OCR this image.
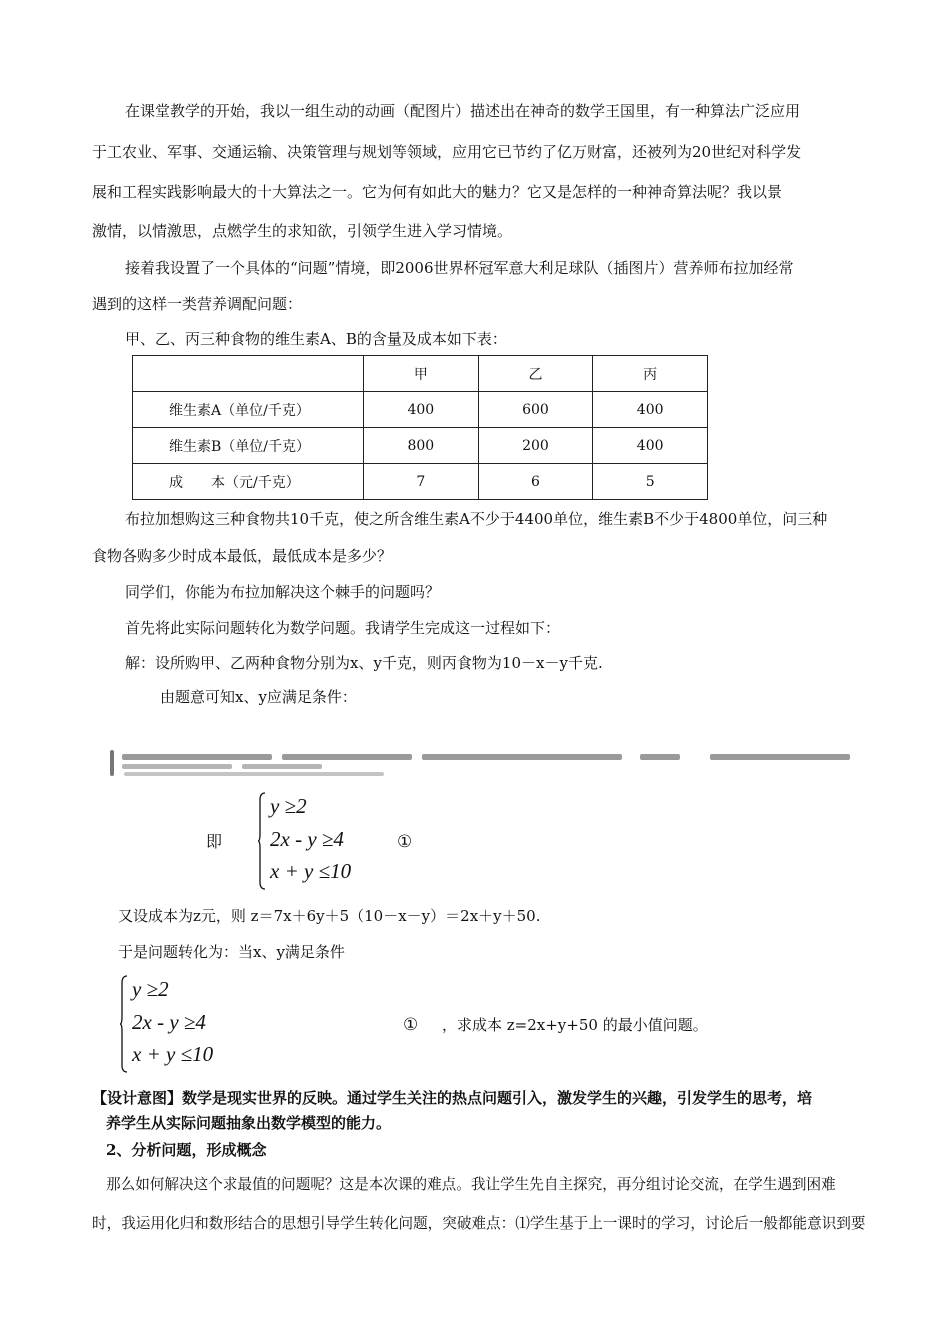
在课堂教学的开始，我以一组生动的动画（配图片）描述出在神奇的数学王国里，有一种算法广泛应用
于工农业、军事、交通运输、决策管理与规划等领域，应用它已节约了亿万财富，还被列为20世纪对科学发
展和工程实践影响最大的十大算法之一。它为何有如此大的魅力？它又是怎样的一种神奇算法呢？我以景
激情，以情激思，点燃学生的求知欲，引领学生进入学习情境。
接着我设置了一个具体的“问题”情境，即2006世界杯冠军意大利足球队（插图片）营养师布拉加经常
遇到的这样一类营养调配问题：
甲、乙、丙三种食物的维生素A、B的含量及成本如下表：
	甲	乙	丙
维生素A（单位/千克）	400	600	400
维生素B（单位/千克）	800	200	400
成　　本（元/千克）	7	6	5
布拉加想购这三种食物共10千克，使之所含维生素A不少于4400单位，维生素B不少于4800单位，问三种
食物各购多少时成本最低，最低成本是多少？
同学们，你能为布拉加解决这个棘手的问题吗？
首先将此实际问题转化为数学问题。我请学生完成这一过程如下：
解：设所购甲、乙两种食物分别为x、y千克，则丙食物为10－x－y千克.
由题意可知x、y应满足条件：
即
y ≥2
2x - y ≥4
x + y ≤10
①
又设成本为z元，则 z＝7x＋6y＋5（10－x－y）＝2x＋y＋50.
于是问题转化为：当x、y满足条件
y ≥2
2x - y ≥4
x + y ≤10
① ，求成本 z=2x+y+50 的最小值问题。
【设计意图】数学是现实世界的反映。通过学生关注的热点问题引入，激发学生的兴趣，引发学生的思考，培
养学生从实际问题抽象出数学模型的能力。
2、分析问题，形成概念
那么如何解决这个求最值的问题呢？这是本次课的难点。我让学生先自主探究，再分组讨论交流，在学生遇到困难
时，我运用化归和数形结合的思想引导学生转化问题，突破难点：⑴学生基于上一课时的学习，讨论后一般都能意识到要
